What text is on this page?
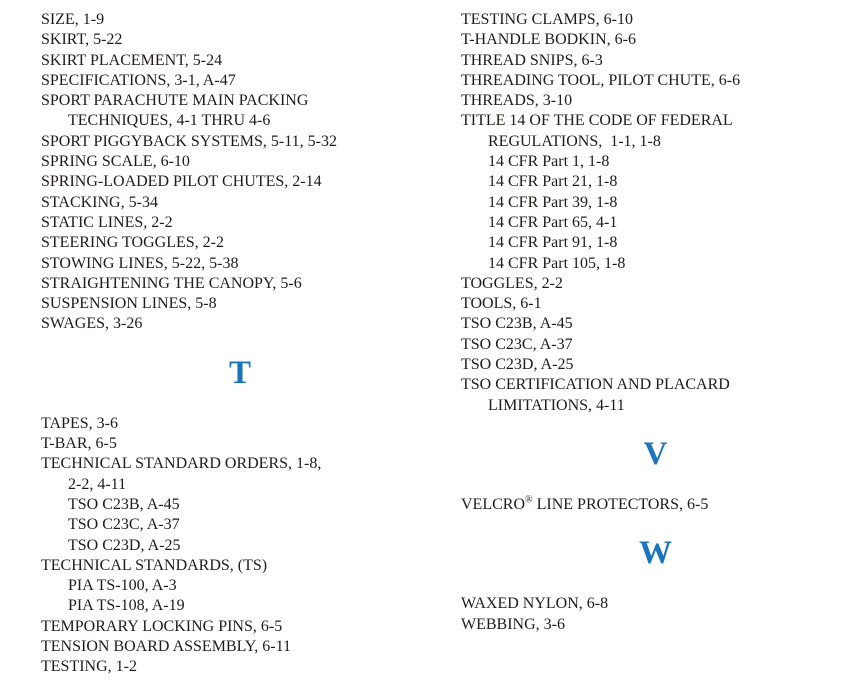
SIZE, 1-9
SKIRT, 5-22
SKIRT PLACEMENT, 5-24
SPECIFICATIONS, 3-1, A-47
SPORT PARACHUTE MAIN PACKING
TECHNIQUES, 4-1 THRU 4-6
SPORT PIGGYBACK SYSTEMS, 5-11, 5-32
SPRING SCALE, 6-10
SPRING-LOADED PILOT CHUTES, 2-14
STACKING, 5-34
STATIC LINES, 2-2
STEERING TOGGLES, 2-2
STOWING LINES, 5-22, 5-38
STRAIGHTENING THE CANOPY, 5-6
SUSPENSION LINES, 5-8
SWAGES, 3-26
T
TAPES, 3-6
T-BAR, 6-5
TECHNICAL STANDARD ORDERS, 1-8,
2-2, 4-11
TSO C23B, A-45
TSO C23C, A-37
TSO C23D, A-25
TECHNICAL STANDARDS, (TS)
PIA TS-100, A-3
PIA TS-108, A-19
TEMPORARY LOCKING PINS, 6-5
TENSION BOARD ASSEMBLY, 6-11
TESTING, 1-2
TESTING CLAMPS, 6-10
T-HANDLE BODKIN, 6-6
THREAD SNIPS, 6-3
THREADING TOOL, PILOT CHUTE, 6-6
THREADS, 3-10
TITLE 14 OF THE CODE OF FEDERAL
REGULATIONS,  1-1, 1-8
14 CFR Part 1, 1-8
14 CFR Part 21, 1-8
14 CFR Part 39, 1-8
14 CFR Part 65, 4-1
14 CFR Part 91, 1-8
14 CFR Part 105, 1-8
TOGGLES, 2-2
TOOLS, 6-1
TSO C23B, A-45
TSO C23C, A-37
TSO C23D, A-25
TSO CERTIFICATION AND PLACARD
LIMITATIONS, 4-11
V
VELCRO® LINE PROTECTORS, 6-5
W
WAXED NYLON, 6-8
WEBBING, 3-6
